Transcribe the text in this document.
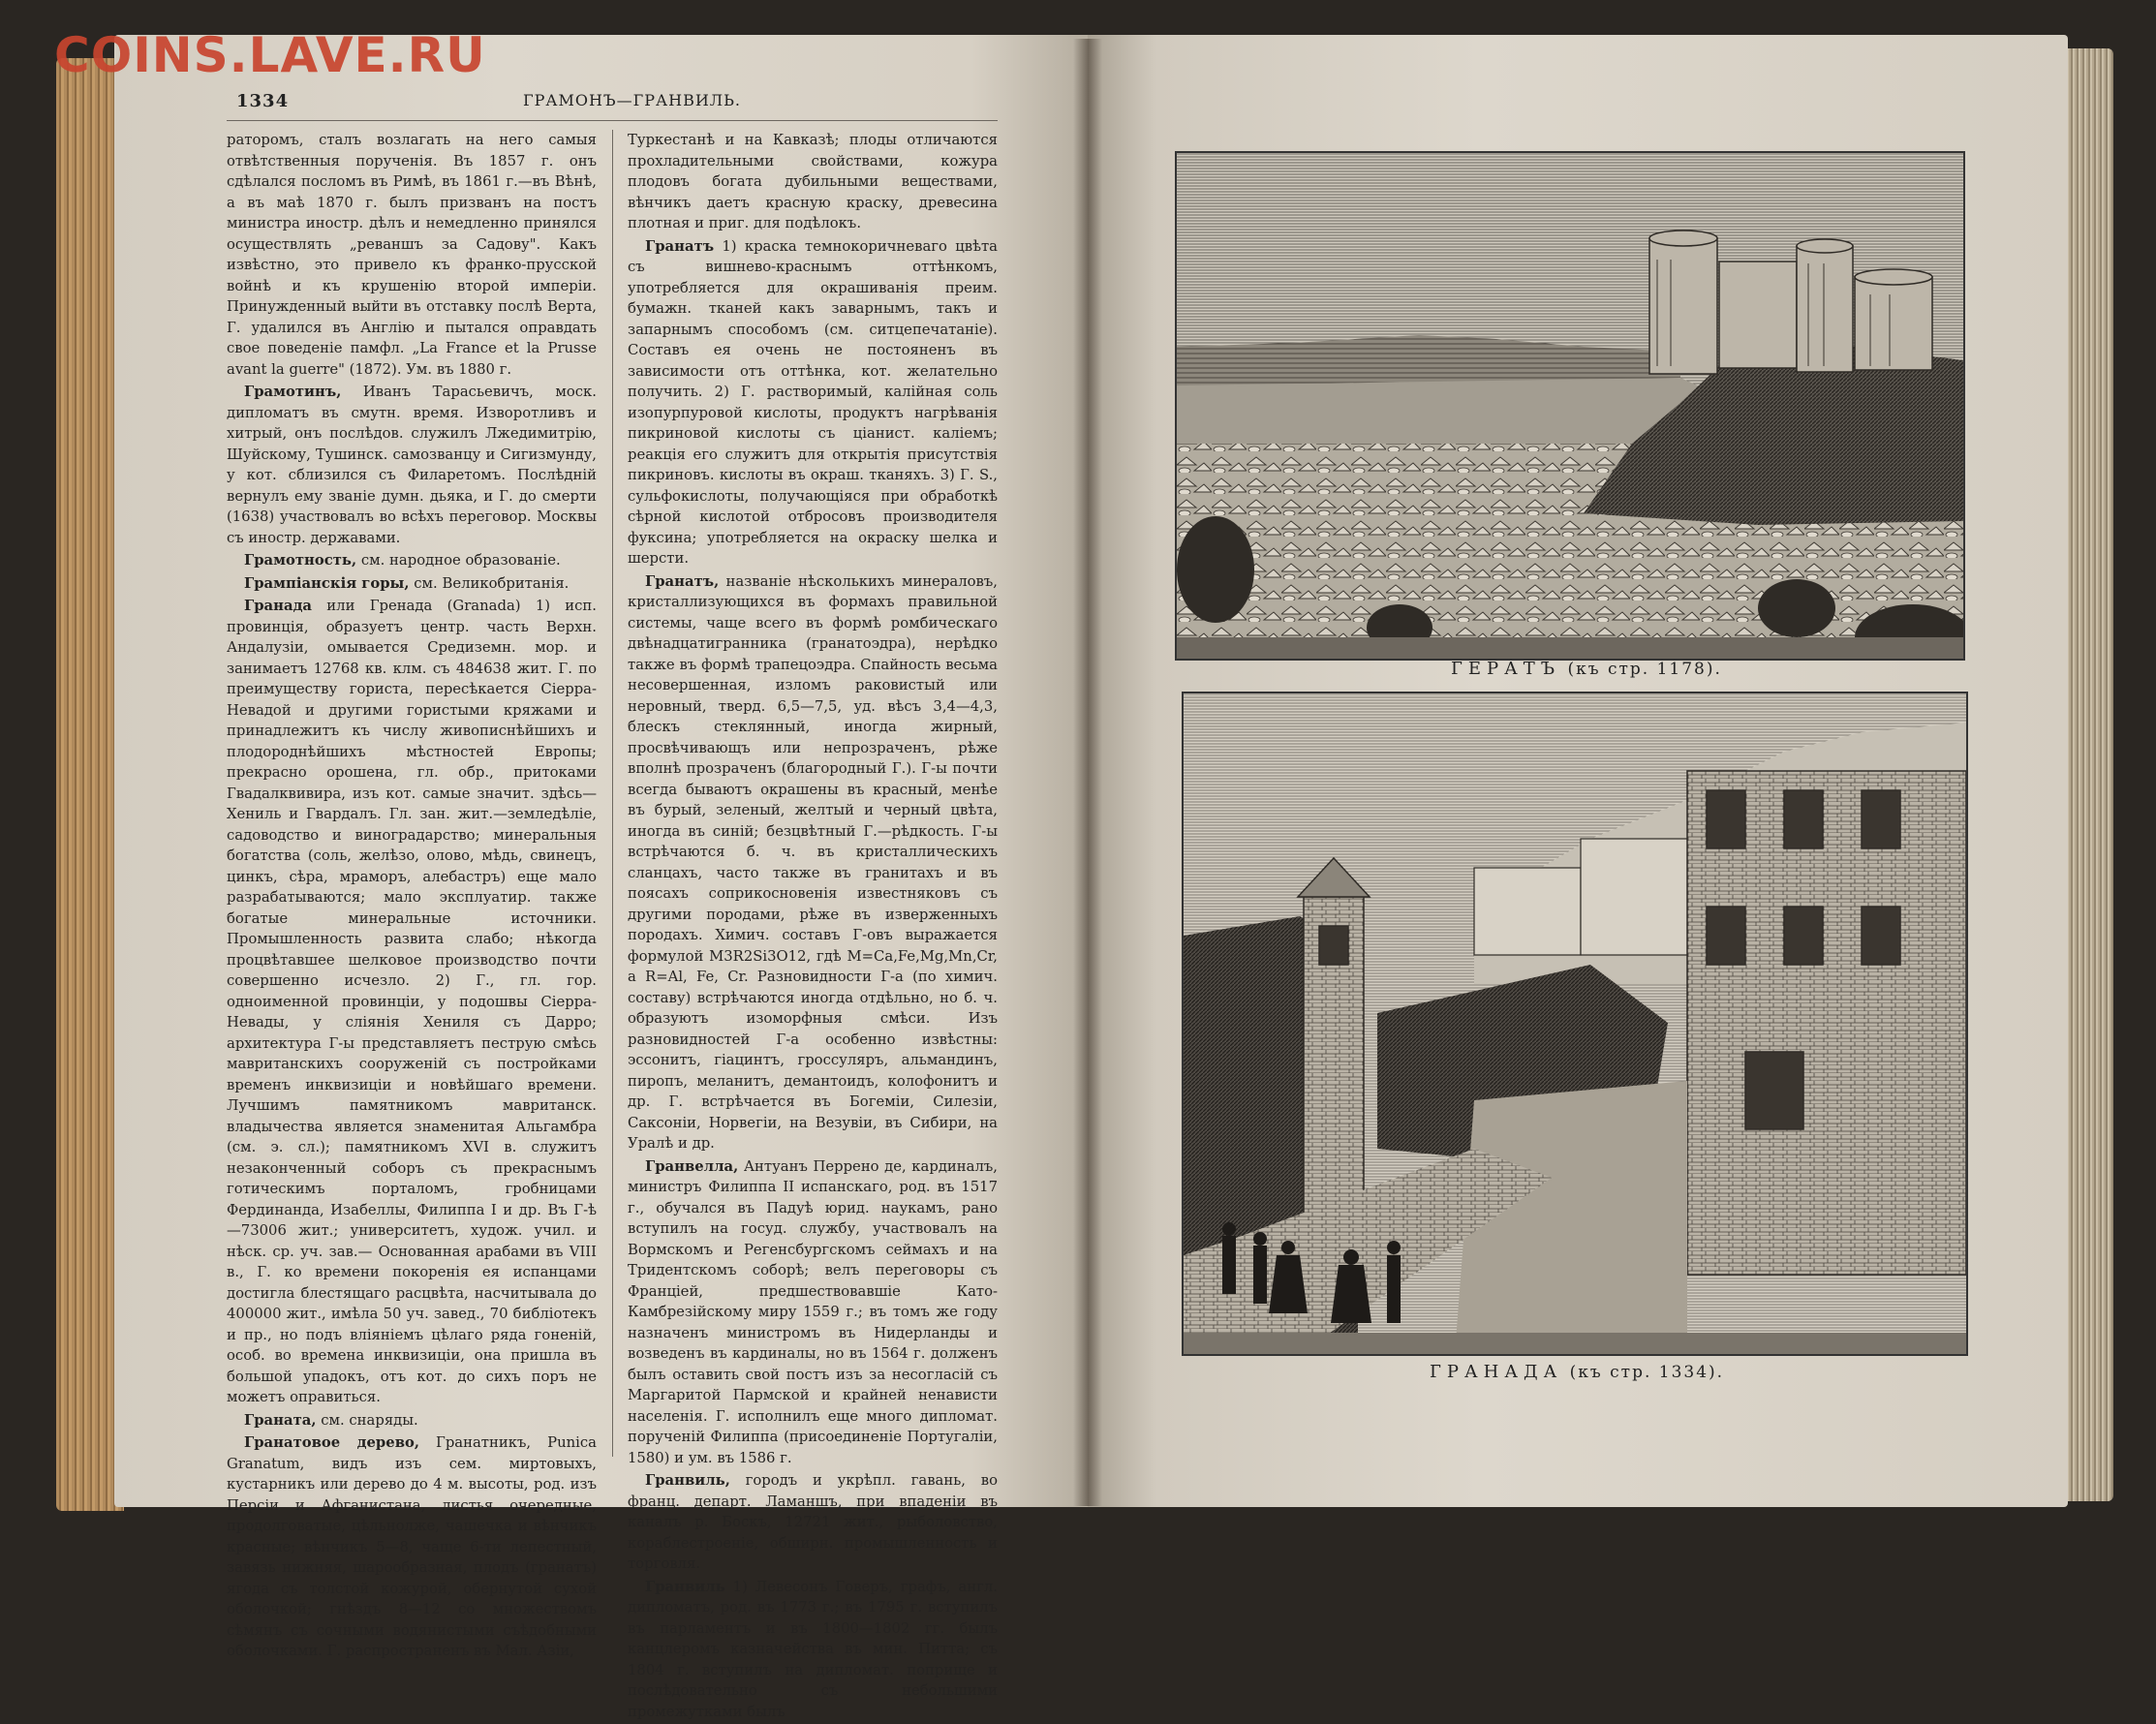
COINS.LAVE.RU
1334	ГРАМОНЪ—ГРАНВИЛЬ.

раторомъ, сталъ возлагать на него самыя отвѣтственныя порученія. Въ 1857 г. онъ сдѣлался посломъ въ Римѣ, въ 1861 г.—въ Вѣнѣ, а въ маѣ 1870 г. былъ призванъ на постъ министра иностр. дѣлъ и немедленно принялся осуществлять „реваншъ за Садову". Какъ извѣстно, это привело къ франко-прусской войнѣ и къ крушенію второй имперіи. Принужденный выйти въ отставку послѣ Верта, Г. удалился въ Англію и пытался оправдать свое поведеніе памфл. „La France et la Prusse avant la guerre" (1872). Ум. въ 1880 г.

Грамотинъ, Иванъ Тарасьевичъ, моск. дипломатъ въ смутн. время. Изворотливъ и хитрый, онъ послѣдов. служилъ Лжедимитрію, Шуйскому, Тушинск. самозванцу и Сигизмунду, у кот. сблизился съ Филаретомъ. Послѣдній вернулъ ему званіе думн. дьяка, и Г. до смерти (1638) участвовалъ во всѣхъ переговор. Москвы съ иностр. державами.

Грамотность, см. народное образованіе.

Грампіанскія горы, см. Великобританія.

Гранада или Гренада (Granada) 1) исп. провинція, образуетъ центр. часть Верхн. Андалузіи, омывается Средиземн. мор. и занимаетъ 12768 кв. клм. съ 484638 жит. Г. по преимуществу гориста, пересѣкается Сіерра-Невадой и другими гористыми кряжами и принадлежитъ къ числу живописнѣйшихъ и плодороднѣйшихъ мѣстностей Европы; прекрасно орошена, гл. обр., притоками Гвадалквивира, изъ кот. самые значит. здѣсь—Хениль и Гвардалъ. Гл. зан. жит.—земледѣліе, садоводство и виноградарство; минеральныя богатства (соль, желѣзо, олово, мѣдь, свинецъ, цинкъ, сѣра, мраморъ, алебастръ) еще мало разрабатываются; мало эксплуатир. также богатые минеральные источники. Промышленность развита слабо; нѣкогда процвѣтавшее шелковое производство почти совершенно исчезло. 2) Г., гл. гор. одноименной провинціи, у подошвы Сіерра-Невады, у сліянія Хениля съ Дарро; архитектура Г-ы представляетъ пеструю смѣсь мавританскихъ сооруженій съ постройками временъ инквизиціи и новѣйшаго времени. Лучшимъ памятникомъ мавританск. владычества является знаменитая Альгамбра (см. э. сл.); памятникомъ XVI в. служитъ незаконченный соборъ съ прекраснымъ готическимъ порталомъ, гробницами Фердинанда, Изабеллы, Филиппа I и др. Въ Г-ѣ—73006 жит.; университетъ, худож. учил. и нѣск. ср. уч. зав.— Основанная арабами въ VIII в., Г. ко времени покоренія ея испанцами достигла блестящаго расцвѣта, насчитывала до 400000 жит., имѣла 50 уч. завед., 70 библіотекъ и пр., но подъ вліяніемъ цѣлаго ряда гоненій, особ. во времена инквизиціи, она пришла въ большой упадокъ, отъ кот. до сихъ поръ не можетъ оправиться.

Граната, см. снаряды.

Гранатовое дерево, Гранатникъ, Punica Granatum, видъ изъ сем. миртовыхъ, кустарникъ или дерево до 4 м. высоты, род. изъ Персіи и Афганистана, листья очередные, продолговатые, цѣльнолже, чашечка и вѣнчикъ красные; вѣнчикъ 5—8, чаще 6-ти лепестный, завязь нижняя, шарообразная, плодъ (гранатъ) ягода съ толстой кожурой, обернутой сухой оболочкой; гнѣздъ 8—12 со множествомъ сѣмянъ съ сочными водянистыми съѣдобными оболочками. Г. распространенъ въ Мал. Азіи,

Туркестанѣ и на Кавказѣ; плоды отличаются прохладительными свойствами, кожура плодовъ богата дубильными веществами, вѣнчикъ даетъ красную краску, древесина плотная и приг. для подѣлокъ.

Гранатъ 1) краска темнокоричневаго цвѣта съ вишнево-краснымъ оттѣнкомъ, употребляется для окрашиванія преим. бумажн. тканей какъ заварнымъ, такъ и запарнымъ способомъ (см. ситцепечатаніе). Составъ ея очень не постояненъ въ зависимости отъ оттѣнка, кот. желательно получить. 2) Г. растворимый, калійная соль изопурпуровой кислоты, продуктъ нагрѣванія пикриновой кислоты съ ціанист. каліемъ; реакція его служитъ для открытія присутствія пикриновъ. кислоты въ окраш. тканяхъ. 3) Г. S., сульфокислоты, получающіяся при обработкѣ сѣрной кислотой отбросовъ производителя фуксина; употребляется на окраску шелка и шерсти.

Гранатъ, названіе нѣсколькихъ минераловъ, кристаллизующихся въ формахъ правильной системы, чаще всего въ формѣ ромбическаго двѣнадцатигранника (гранатоэдра), нерѣдко также въ формѣ трапецоэдра. Спайность весьма несовершенная, изломъ раковистый или неровный, тверд. 6,5—7,5, уд. вѣсъ 3,4—4,3, блескъ стеклянный, иногда жирный, просвѣчивающъ или непрозраченъ, рѣже вполнѣ прозраченъ (благородный Г.). Г-ы почти всегда бываютъ окрашены въ красный, менѣе въ бурый, зеленый, желтый и черный цвѣта, иногда въ синій; безцвѣтный Г.—рѣдкость. Г-ы встрѣчаются б. ч. въ кристаллическихъ сланцахъ, часто также въ гранитахъ и въ поясахъ соприкосновенія известняковъ съ другими породами, рѣже въ изверженныхъ породахъ. Химич. составъ Г-овъ выражается формулой M3R2Si3O12, гдѣ M=Ca,Fe,Mg,Mn,Cr, а R=Al, Fe, Cr. Разновидности Г-а (по химич. составу) встрѣчаются иногда отдѣльно, но б. ч. образуютъ изоморфныя смѣси. Изъ разновидностей Г-а особенно извѣстны: эссонитъ, гіацинтъ, гроссуляръ, альмандинъ, пиропъ, меланитъ, демантоидъ, колофонитъ и др. Г. встрѣчается въ Богеміи, Силезіи, Саксоніи, Норвегіи, на Везувіи, въ Сибири, на Уралѣ и др.

Гранвелла, Антуанъ Перрено де, кардиналъ, министръ Филиппа II испанскаго, род. въ 1517 г., обучался въ Падуѣ юрид. наукамъ, рано вступилъ на госуд. службу, участвовалъ на Вормскомъ и Регенсбургскомъ сеймахъ и на Тридентскомъ соборѣ; велъ переговоры съ Франціей, предшествовавшіе Като-Камбрезійскому миру 1559 г.; въ томъ же году назначенъ министромъ въ Нидерланды и возведенъ въ кардиналы, но въ 1564 г. долженъ былъ оставить свой постъ изъ за несогласій съ Маргаритой Пармской и крайней ненависти населенія. Г. исполнилъ еще много дипломат. порученій Филиппа (присоединеніе Португаліи, 1580) и ум. въ 1586 г.

Гранвиль, городъ и укрѣпл. гавань, во франц. департ. Ламаншъ, при впаденіи въ каналъ р. Боскъ, 12721 жит., рыболовство, кораблестроеніе, обширн. промышленность и торговля.

Гранвиль 1) Левесонъ Говеръ, графъ, англ. дипломатъ, род. въ 1773 г.; въ 1795 г. вступилъ въ парламентъ и въ 1800—1802 гг. былъ канцлеромъ казначейства въ мин. Питта; съ 1804 г. вступилъ на дипломат. поприще и послѣдовательно съ небольшими промежутками былъ

ГЕРАТЪ (къ стр. 1178).
ГРАНАДА (къ стр. 1334).
